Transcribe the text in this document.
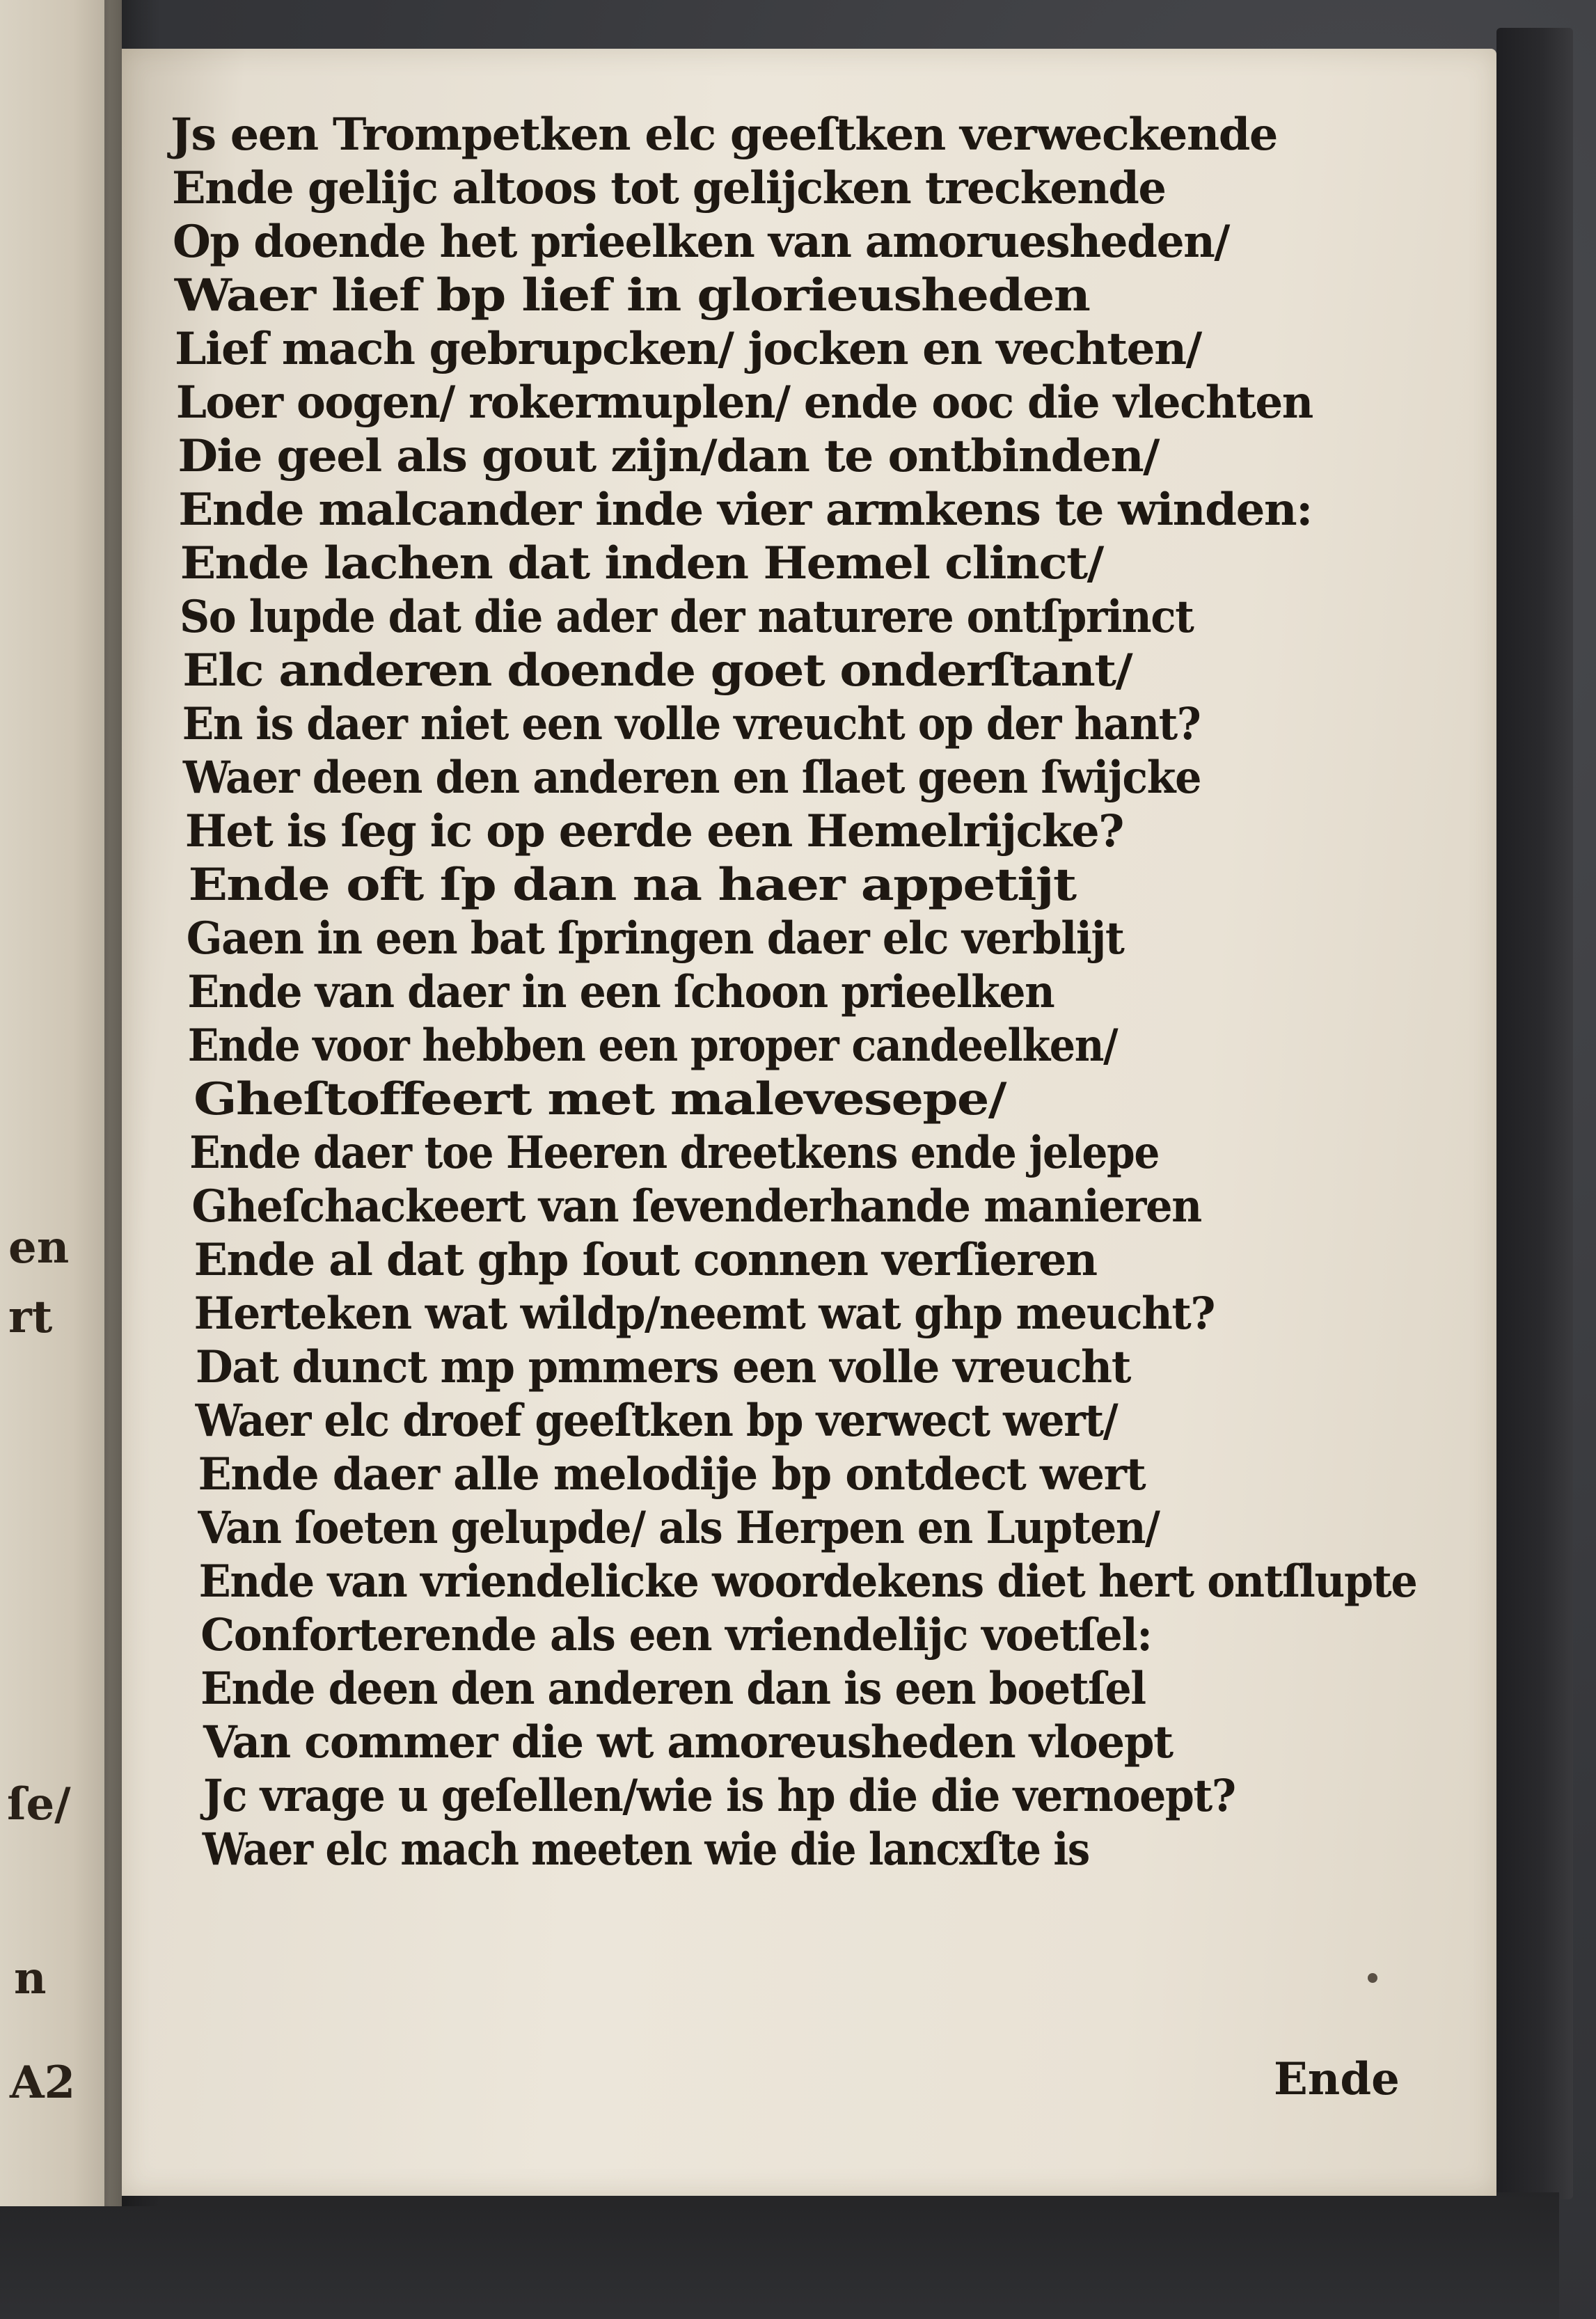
en
rt
ſe/
n
A2
Js een Trompetken elc geeſtken verweckende
Ende gelijc altoos tot gelijcken treckende
Op doende het prieelken van amoruesheden/
Waer lief bp lief in glorieusheden
Lief mach gebrupcken/ jocken en vechten/
Loer oogen/ rokermuplen/ ende ooc die vlechten
Die geel als gout zijn/dan te ontbinden/
Ende malcander inde vier armkens te winden:
Ende lachen dat inden Hemel clinct/
So lupde dat die ader der naturere ontſprinct
Elc anderen doende goet onderſtant/
En is daer niet een volle vreucht op der hant?
Waer deen den anderen en ſlaet geen ſwijcke
Het is ſeg ic op eerde een Hemelrijcke?
Ende oft ſp dan na haer appetijt
Gaen in een bat ſpringen daer elc verblijt
Ende van daer in een ſchoon prieelken
Ende voor hebben een proper candeelken/
Gheſtoffeert met malevesepe/
Ende daer toe Heeren dreetkens ende jelepe
Gheſchackeert van ſevenderhande manieren
Ende al dat ghp ſout connen verſieren
Herteken wat wildp/neemt wat ghp meucht?
Dat dunct mp pmmers een volle vreucht
Waer elc droef geeſtken bp verwect wert/
Ende daer alle melodije bp ontdect wert
Van ſoeten gelupde/ als Herpen en Lupten/
Ende van vriendelicke woordekens diet hert ontſlupte
Conforterende als een vriendelijc voetſel:
Ende deen den anderen dan is een boetſel
Van commer die wt amoreusheden vloept
Jc vrage u geſellen/wie is hp die die vernoept?
Waer elc mach meeten wie die lancxſte is
Ende
